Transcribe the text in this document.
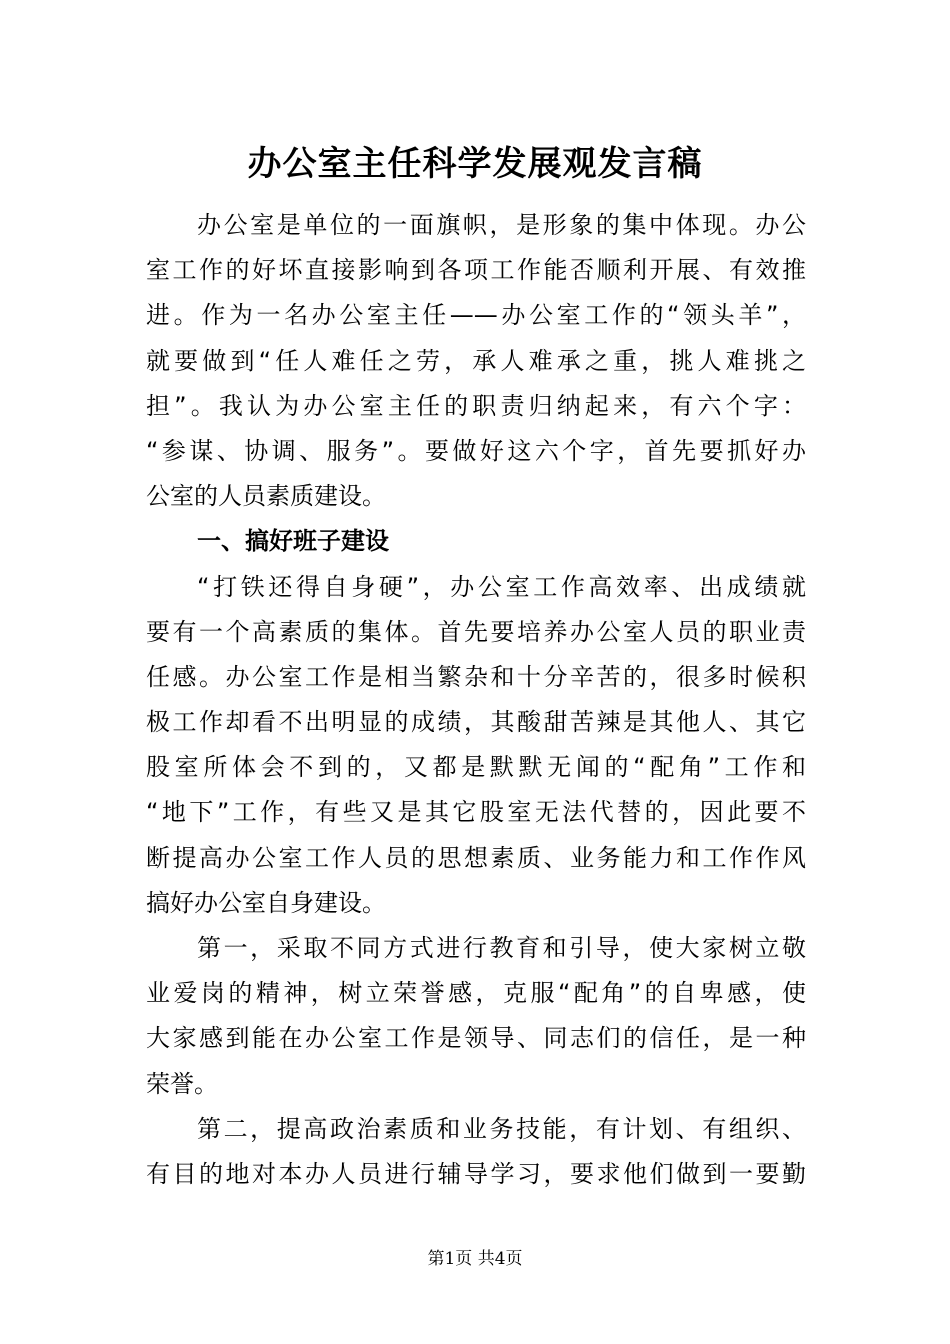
办公室主任科学发展观发言稿
办公室是单位的一面旗帜，是形象的集中体现。办公
室工作的好坏直接影响到各项工作能否顺利开展、有效推
进。作为一名办公室主任——办公室工作的“领头羊”，
就要做到“任人难任之劳，承人难承之重，挑人难挑之
担”。我认为办公室主任的职责归纳起来，有六个字：
“参谋、协调、服务”。要做好这六个字，首先要抓好办
公室的人员素质建设。
一、搞好班子建设
“打铁还得自身硬”，办公室工作高效率、出成绩就
要有一个高素质的集体。首先要培养办公室人员的职业责
任感。办公室工作是相当繁杂和十分辛苦的，很多时候积
极工作却看不出明显的成绩，其酸甜苦辣是其他人、其它
股室所体会不到的，又都是默默无闻的“配角”工作和
“地下”工作，有些又是其它股室无法代替的，因此要不
断提高办公室工作人员的思想素质、业务能力和工作作风
搞好办公室自身建设。
第一，采取不同方式进行教育和引导，使大家树立敬
业爱岗的精神，树立荣誉感，克服“配角”的自卑感，使
大家感到能在办公室工作是领导、同志们的信任，是一种
荣誉。
第二，提高政治素质和业务技能，有计划、有组织、
有目的地对本办人员进行辅导学习，要求他们做到一要勤
第1页 共4页
